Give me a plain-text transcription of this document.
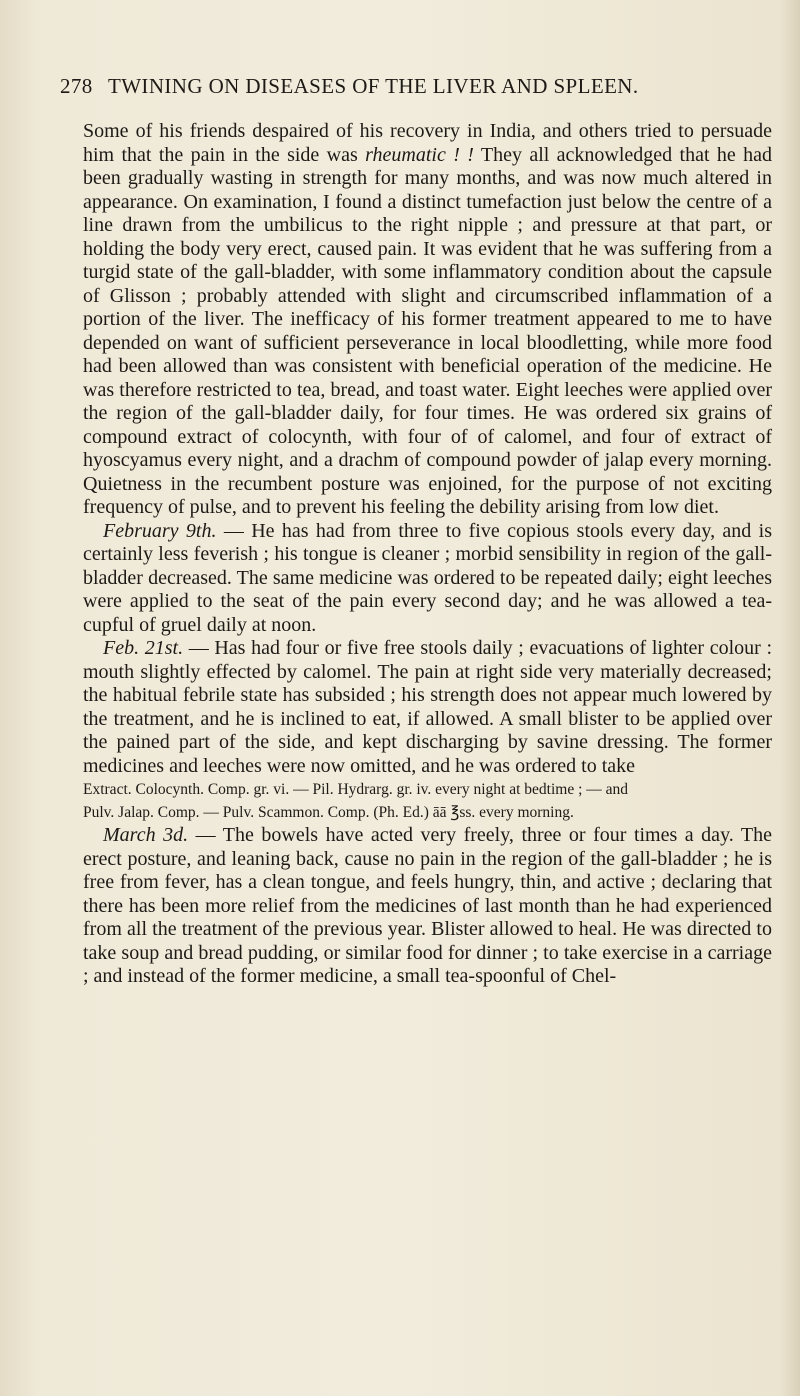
278 TWINING ON DISEASES OF THE LIVER AND SPLEEN.

Some of his friends despaired of his recovery in India, and others tried to persuade him that the pain in the side was rheumatic ! ! They all acknowledged that he had been gradually wasting in strength for many months, and was now much altered in appearance. On examination, I found a distinct tumefaction just below the centre of a line drawn from the umbilicus to the right nipple ; and pressure at that part, or holding the body very erect, caused pain. It was evident that he was suffering from a turgid state of the gall-bladder, with some inflammatory condition about the capsule of Glisson ; probably attended with slight and circumscribed inflammation of a portion of the liver. The inefficacy of his former treatment appeared to me to have depended on want of sufficient perseverance in local bloodletting, while more food had been allowed than was consistent with beneficial operation of the medicine. He was therefore restricted to tea, bread, and toast water. Eight leeches were applied over the region of the gall-bladder daily, for four times. He was ordered six grains of compound extract of colocynth, with four of of calomel, and four of extract of hyoscyamus every night, and a drachm of compound powder of jalap every morning. Quietness in the recumbent posture was enjoined, for the purpose of not exciting frequency of pulse, and to prevent his feeling the debility arising from low diet.

February 9th. — He has had from three to five copious stools every day, and is certainly less feverish ; his tongue is cleaner ; morbid sensibility in region of the gall-bladder decreased. The same medicine was ordered to be repeated daily; eight leeches were applied to the seat of the pain every second day; and he was allowed a tea-cupful of gruel daily at noon.

Feb. 21st. — Has had four or five free stools daily ; evacuations of lighter colour : mouth slightly effected by calomel. The pain at right side very materially decreased; the habitual febrile state has subsided ; his strength does not appear much lowered by the treatment, and he is inclined to eat, if allowed. A small blister to be applied over the pained part of the side, and kept discharging by savine dressing. The former medicines and leeches were now omitted, and he was ordered to take

Extract. Colocynth. Comp. gr. vi. — Pil. Hydrarg. gr. iv. every night at bedtime ; — and
Pulv. Jalap. Comp. — Pulv. Scammon. Comp. (Ph. Ed.) āā ℥ss. every morning.

March 3d. — The bowels have acted very freely, three or four times a day. The erect posture, and leaning back, cause no pain in the region of the gall-bladder ; he is free from fever, has a clean tongue, and feels hungry, thin, and active ; declaring that there has been more relief from the medicines of last month than he had experienced from all the treatment of the previous year. Blister allowed to heal. He was directed to take soup and bread pudding, or similar food for dinner ; to take exercise in a carriage ; and instead of the former medicine, a small tea-spoonful of Chel-
